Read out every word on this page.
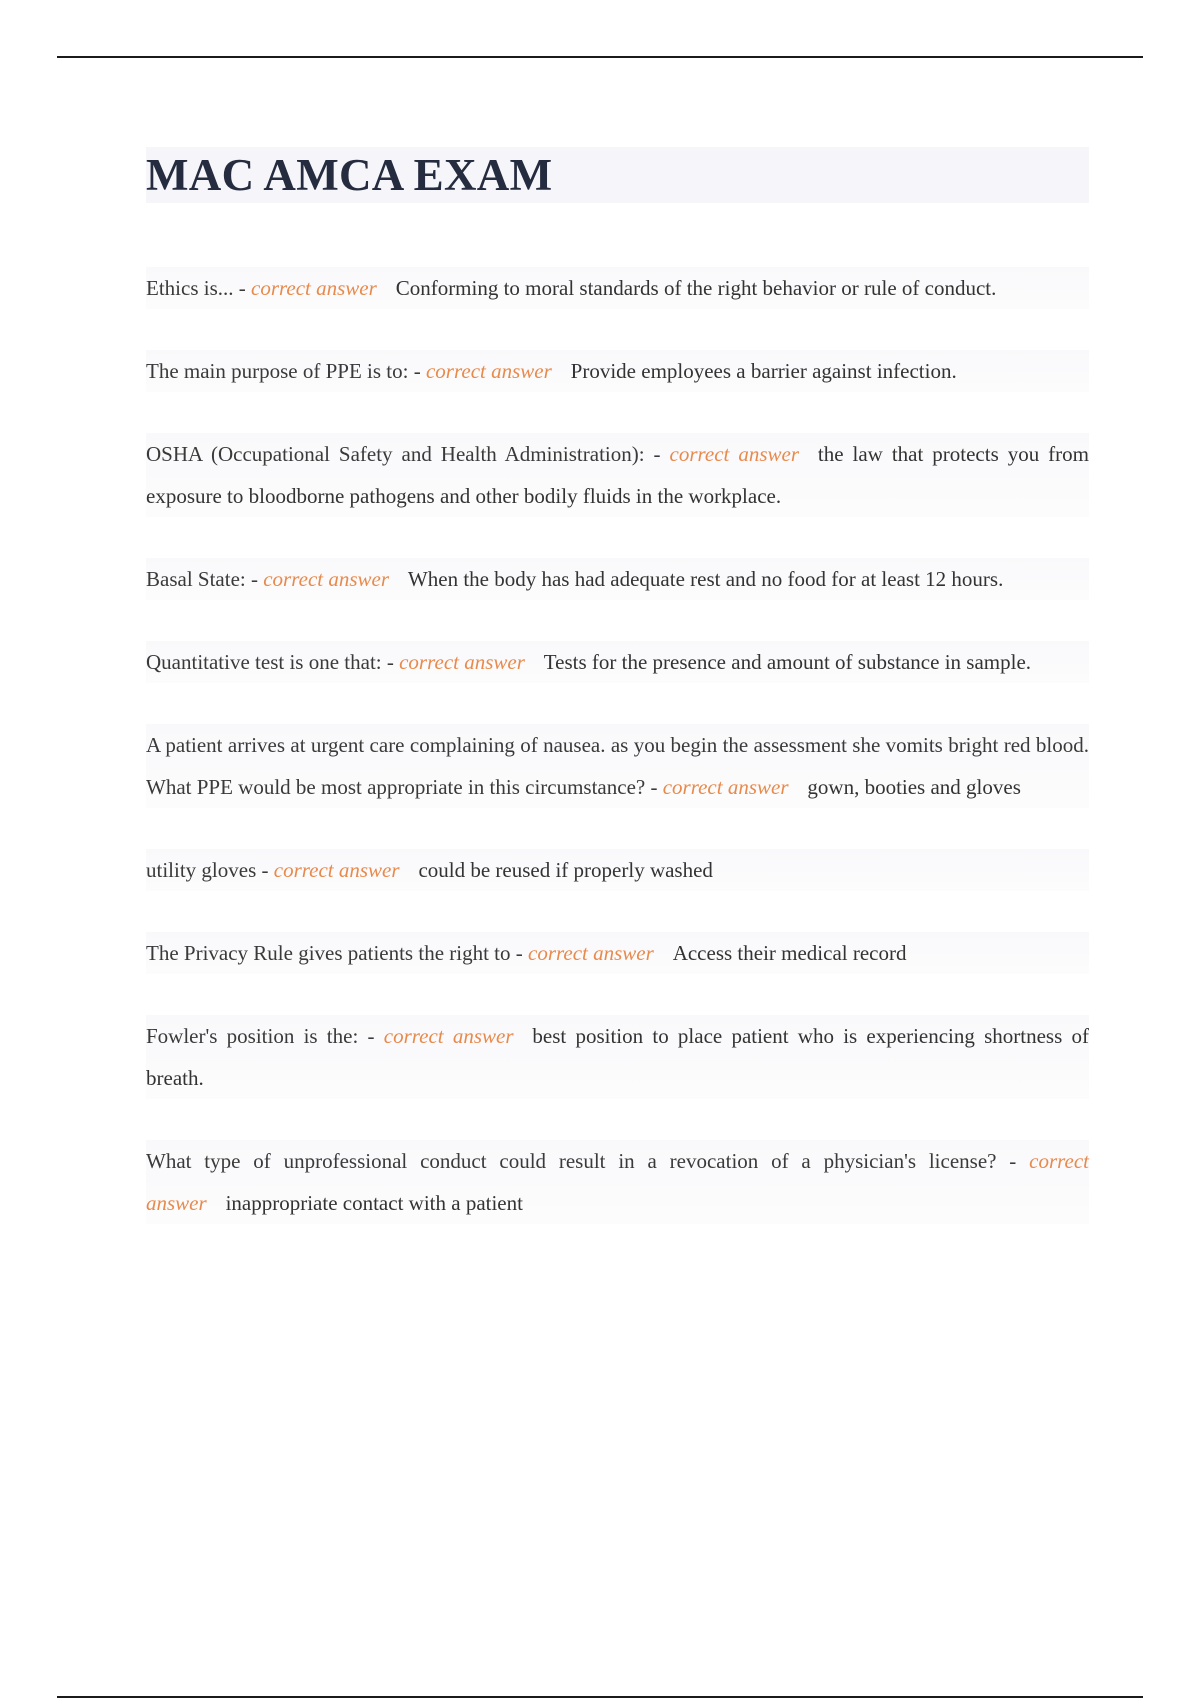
MAC AMCA EXAM

Ethics is... - correct answer Conforming to moral standards of the right behavior or rule of conduct.

The main purpose of PPE is to: - correct answer Provide employees a barrier against infection.

OSHA (Occupational Safety and Health Administration): - correct answer the law that protects you from exposure to bloodborne pathogens and other bodily fluids in the workplace.

Basal State: - correct answer When the body has had adequate rest and no food for at least 12 hours.

Quantitative test is one that: - correct answer Tests for the presence and amount of substance in sample.

A patient arrives at urgent care complaining of nausea. as you begin the assessment she vomits bright red blood. What PPE would be most appropriate in this circumstance? - correct answer gown, booties and gloves

utility gloves - correct answer could be reused if properly washed

The Privacy Rule gives patients the right to - correct answer Access their medical record

Fowler's position is the: - correct answer best position to place patient who is experiencing shortness of breath.

What type of unprofessional conduct could result in a revocation of a physician's license? - correct answer inappropriate contact with a patient
